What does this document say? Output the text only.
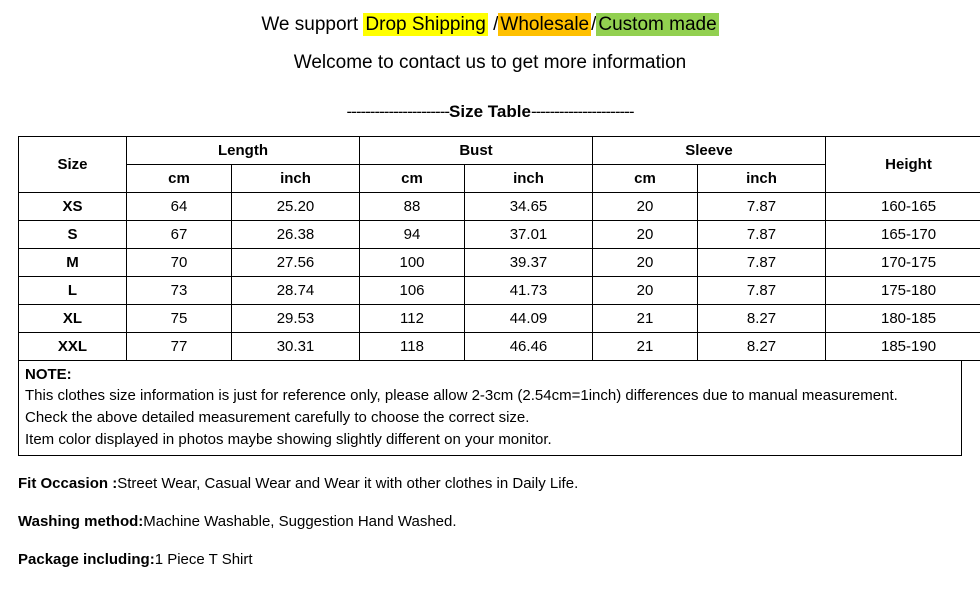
We support Drop Shipping / Wholesale / Custom made
Welcome to contact us to get more information
----------------------Size Table----------------------
Size	Length		Bust		Sleeve		Height
	cm	inch	cm	inch	cm	inch	
XS	64	25.20	88	34.65	20	7.87	160-165
S	67	26.38	94	37.01	20	7.87	165-170
M	70	27.56	100	39.37	20	7.87	170-175
L	73	28.74	106	41.73	20	7.87	175-180
XL	75	29.53	112	44.09	21	8.27	180-185
XXL	77	30.31	118	46.46	21	8.27	185-190
NOTE:
This clothes size information is just for reference only, please allow 2-3cm (2.54cm=1inch) differences due to manual measurement.
Check the above detailed measurement carefully to choose the correct size.
Item color displayed in photos maybe showing slightly different on your monitor.
Fit Occasion :Street Wear, Casual Wear and Wear it with other clothes in Daily Life.
Washing method:Machine Washable, Suggestion Hand Washed.
Package including:1 Piece T Shirt
